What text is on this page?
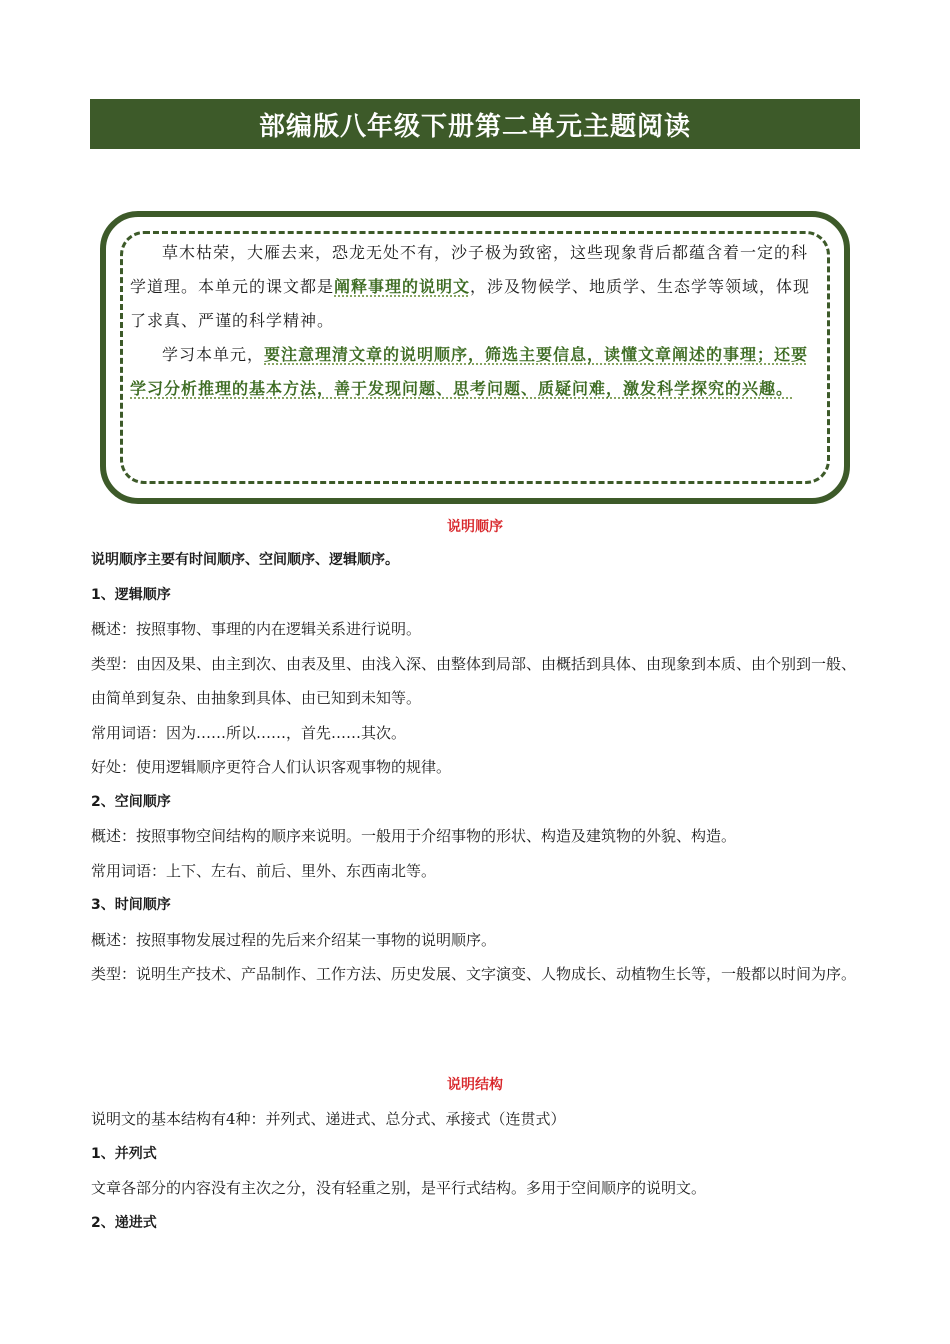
部编版八年级下册第二单元主题阅读

草木枯荣，大雁去来，恐龙无处不有，沙子极为致密，这些现象背后都蕴含着一定的科学道理。本单元的课文都是阐释事理的说明文，涉及物候学、地质学、生态学等领域，体现了求真、严谨的科学精神。

学习本单元，要注意理清文章的说明顺序，筛选主要信息，读懂文章阐述的事理；还要学习分析推理的基本方法，善于发现问题、思考问题、质疑问难，激发科学探究的兴趣。

说明顺序

说明顺序主要有时间顺序、空间顺序、逻辑顺序。

1、逻辑顺序

概述：按照事物、事理的内在逻辑关系进行说明。

类型：由因及果、由主到次、由表及里、由浅入深、由整体到局部、由概括到具体、由现象到本质、由个别到一般、由简单到复杂、由抽象到具体、由已知到未知等。

常用词语：因为……所以……，首先……其次。

好处：使用逻辑顺序更符合人们认识客观事物的规律。

2、空间顺序

概述：按照事物空间结构的顺序来说明。一般用于介绍事物的形状、构造及建筑物的外貌、构造。

常用词语：上下、左右、前后、里外、东西南北等。

3、时间顺序

概述：按照事物发展过程的先后来介绍某一事物的说明顺序。

类型：说明生产技术、产品制作、工作方法、历史发展、文字演变、人物成长、动植物生长等，一般都以时间为序。

说明结构

说明文的基本结构有4种：并列式、递进式、总分式、承接式（连贯式）

1、并列式

文章各部分的内容没有主次之分，没有轻重之别，是平行式结构。多用于空间顺序的说明文。

2、递进式
